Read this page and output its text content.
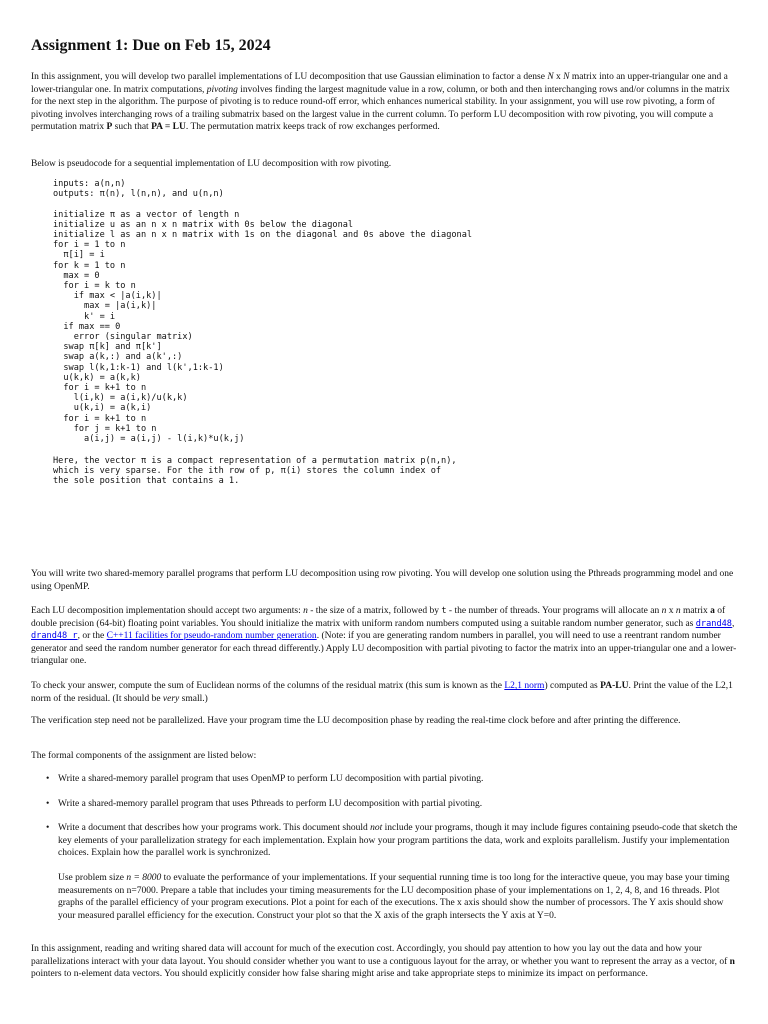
Assignment 1: Due on Feb 15, 2024

In this assignment, you will develop two parallel implementations of LU decomposition that use Gaussian elimination to factor a dense N x N matrix into an upper-triangular one and a lower-triangular one. In matrix computations, pivoting involves finding the largest magnitude value in a row, column, or both and then interchanging rows and/or columns in the matrix for the next step in the algorithm. The purpose of pivoting is to reduce round-off error, which enhances numerical stability. In your assignment, you will use row pivoting, a form of pivoting involves interchanging rows of a trailing submatrix based on the largest value in the current column. To perform LU decomposition with row pivoting, you will compute a permutation matrix P such that PA = LU. The permutation matrix keeps track of row exchanges performed.

Below is pseudocode for a sequential implementation of LU decomposition with row pivoting.

inputs: a(n,n)
outputs: π(n), l(n,n), and u(n,n)

initialize π as a vector of length n
initialize u as an n x n matrix with 0s below the diagonal
initialize l as an n x n matrix with 1s on the diagonal and 0s above the diagonal
for i = 1 to n
π[i] = i
for k = 1 to n
max = 0
for i = k to n
if max < |a(i,k)|
max = |a(i,k)|
k' = i
if max == 0
error (singular matrix)
swap π[k] and π[k']
swap a(k,:) and a(k',:)
swap l(k,1:k-1) and l(k',1:k-1)
u(k,k) = a(k,k)
for i = k+1 to n
l(i,k) = a(i,k)/u(k,k)
u(k,i) = a(k,i)
for i = k+1 to n
for j = k+1 to n
a(i,j) = a(i,j) - l(i,k)*u(k,j)
Here, the vector π is a compact representation of a permutation matrix p(n,n),
which is very sparse. For the ith row of p, π(i) stores the column index of
the sole position that contains a 1.

You will write two shared-memory parallel programs that perform LU decomposition using row pivoting. You will develop one solution using the Pthreads programming model and one using OpenMP.

Each LU decomposition implementation should accept two arguments: n - the size of a matrix, followed by t - the number of threads. Your programs will allocate an n x n matrix a of double precision (64-bit) floating point variables. You should initialize the matrix with uniform random numbers computed using a suitable random number generator, such as drand48, drand48_r, or the C++11 facilities for pseudo-random number generation. (Note: if you are generating random numbers in parallel, you will need to use a reentrant random number generator and seed the random number generator for each thread differently.) Apply LU decomposition with partial pivoting to factor the matrix into an upper-triangular one and a lower-triangular one.

To check your answer, compute the sum of Euclidean norms of the columns of the residual matrix (this sum is known as the L2,1 norm) computed as PA-LU. Print the value of the L2,1 norm of the residual. (It should be very small.)

The verification step need not be parallelized. Have your program time the LU decomposition phase by reading the real-time clock before and after printing the difference.

The formal components of the assignment are listed below:

• Write a shared-memory parallel program that uses OpenMP to perform LU decomposition with partial pivoting.
• Write a shared-memory parallel program that uses Pthreads to perform LU decomposition with partial pivoting.
• Write a document that describes how your programs work. This document should not include your programs, though it may include figures containing pseudo-code that sketch the key elements of your parallelization strategy for each implementation. Explain how your program partitions the data, work and exploits parallelism. Justify your implementation choices. Explain how the parallel work is synchronized.
Use problem size n = 8000 to evaluate the performance of your implementations. If your sequential running time is too long for the interactive queue, you may base your timing measurements on n=7000. Prepare a table that includes your timing measurements for the LU decomposition phase of your implementations on 1, 2, 4, 8, and 16 threads. Plot graphs of the parallel efficiency of your program executions. Plot a point for each of the executions. The x axis should show the number of processors. The Y axis should show your measured parallel efficiency for the execution. Construct your plot so that the X axis of the graph intersects the Y axis at Y=0.

In this assignment, reading and writing shared data will account for much of the execution cost. Accordingly, you should pay attention to how you lay out the data and how your parallelizations interact with your data layout. You should consider whether you want to use a contiguous layout for the array, or whether you want to represent the array as a vector, of n pointers to n-element data vectors. You should explicitly consider how false sharing might arise and take appropriate steps to minimize its impact on performance.
